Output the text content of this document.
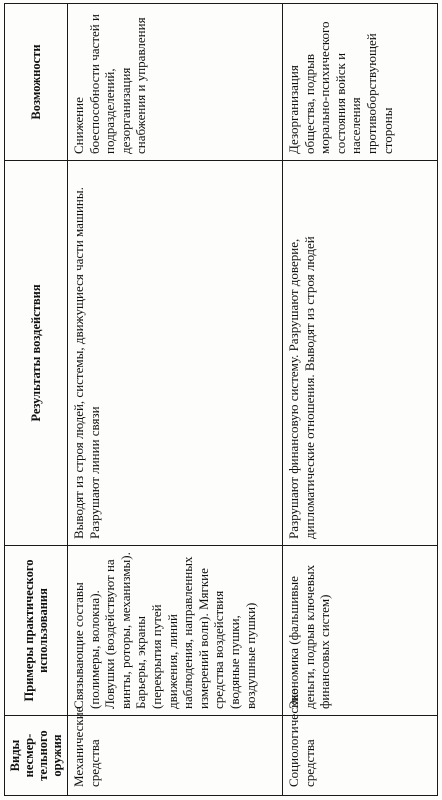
Виды несмер-тельного оружия	Примеры практического использования	Результаты воздействия	Возможности
Механические средства	Связывающие составы (полимеры, волокна). Ловушки (воздействуют на винты, роторы, механизмы). Барьеры, экраны (перекрытия путей движения, линий наблюдения, направленных измерений волн). Мягкие средства воздействия (водяные пушки, воздушные пушки)	Выводят из строя людей, системы, движущиеся части машины. Разрушают линии связи	Снижение боеспособности частей и подразделений, дезорганизация снабжения и управления
Социологические средства	Экономика (фальшивые деньги, подрыв ключевых финансовых систем)	Разрушают финансовую систему. Разрушают доверие, дипломатические отношения. Выводят из строя людей	Дезорганизация общества, подрыв морально-психического состояния войск и населения противоборствующей стороны
